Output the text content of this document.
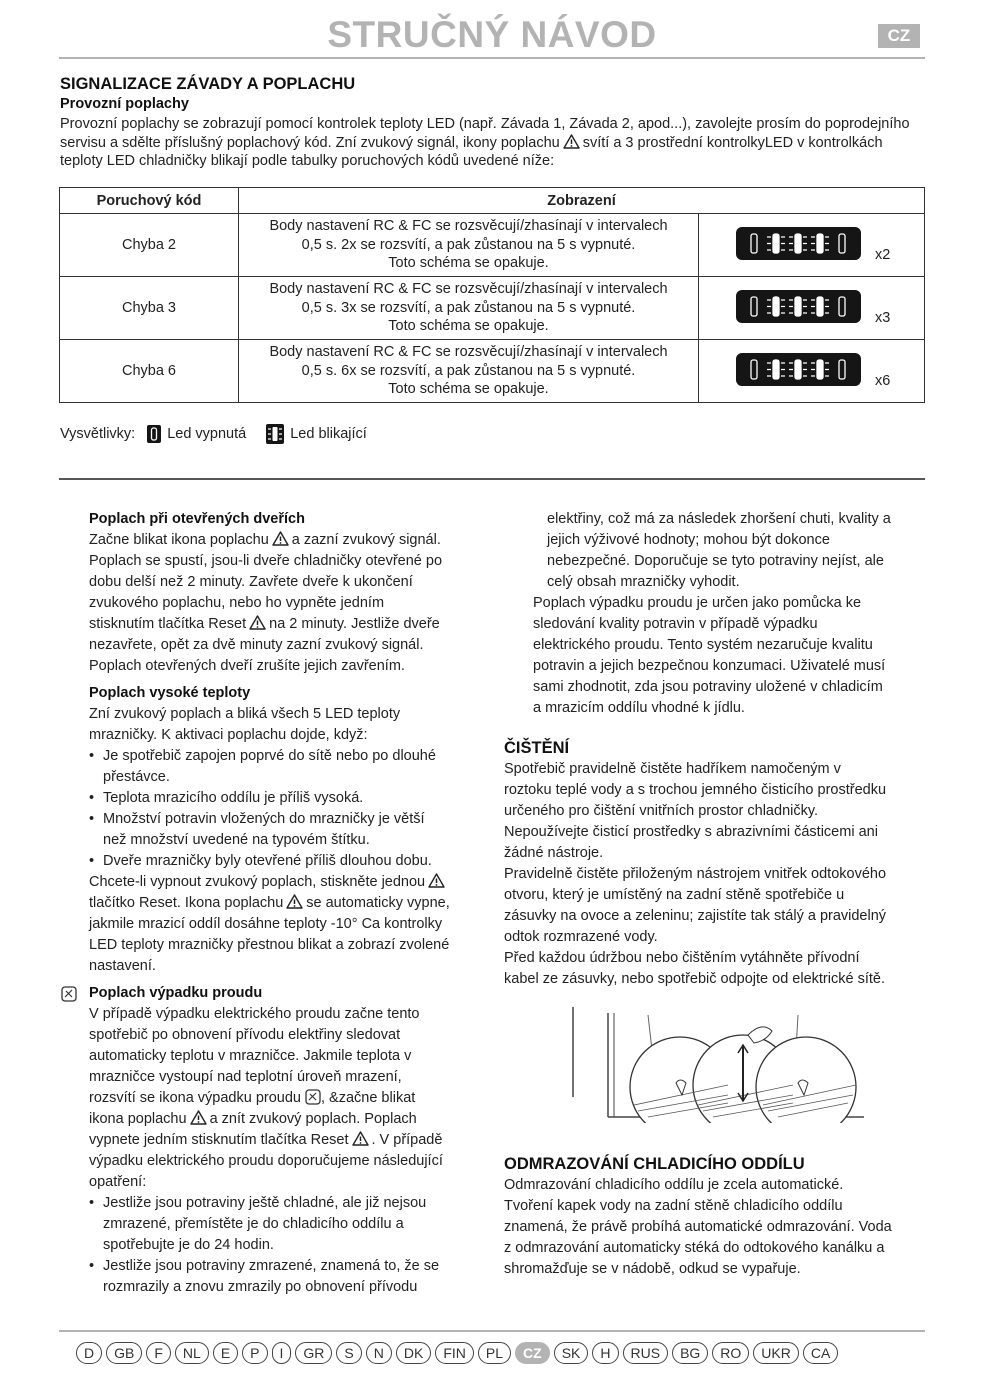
STRUČNÝ NÁVOD	CZ
SIGNALIZACE ZÁVADY A POPLACHU
Provozní poplachy
Provozní poplachy se zobrazují pomocí kontrolek teploty LED (např. Závada 1, Závada 2, apod...), zavolejte prosím do poprodejního servisu a sdělte příslušný poplachový kód. Zní zvukový signál, ikony poplachu svítí a 3 prostřední kontrolkyLED v kontrolkách teploty LED chladničky blikají podle tabulky poruchových kódů uvedené níže:
Poruchový kód	Zobrazení	
Chyba 2	Body nastavení RC & FC se rozsvěcují/zhasínají v intervalech
0,5 s. 2x se rozsvítí, a pak zůstanou na 5 s vypnuté.
Toto schéma se opakuje.	x2

Chyba 3	Body nastavení RC & FC se rozsvěcují/zhasínají v intervalech
0,5 s. 3x se rozsvítí, a pak zůstanou na 5 s vypnuté.
Toto schéma se opakuje.	x3

Chyba 6	Body nastavení RC & FC se rozsvěcují/zhasínají v intervalech
0,5 s. 6x se rozsvítí, a pak zůstanou na 5 s vypnuté.
Toto schéma se opakuje.	x6
Vysvětlivky: Led vypnutá	Led blikající
Poplach při otevřených dveřích
Začne blikat ikona poplachu a zazní zvukový signál.
Poplach se spustí, jsou-li dveře chladničky otevřené po
dobu delší než 2 minuty. Zavřete dveře k ukončení
zvukového poplachu, nebo ho vypněte jedním
stisknutím tlačítka Reset na 2 minuty. Jestliže dveře
nezavřete, opět za dvě minuty zazní zvukový signál.
Poplach otevřených dveří zrušíte jejich zavřením.
Poplach vysoké teploty
Zní zvukový poplach a bliká všech 5 LED teploty
mrazničky. K aktivaci poplachu dojde, když:
• Je spotřebič zapojen poprvé do sítě nebo po dlouhé
přestávce.
• Teplota mrazicího oddílu je příliš vysoká.
• Množství potravin vložených do mrazničky je větší
než množství uvedené na typovém štítku.
• Dveře mrazničky byly otevřené příliš dlouhou dobu.
Chcete-li vypnout zvukový poplach, stiskněte jednou
tlačítko Reset. Ikona poplachu se automaticky vypne,
jakmile mrazicí oddíl dosáhne teploty -10° Ca kontrolky
LED teploty mrazničky přestnou blikat a zobrazí zvolené
nastavení.
Poplach výpadku proudu
V případě výpadku elektrického proudu začne tento
spotřebič po obnovení přívodu elektřiny sledovat
automaticky teplotu v mrazničce. Jakmile teplota v
mrazničce vystoupí nad teplotní úroveň mrazení,
rozsvítí se ikona výpadku proudu , &začne blikat
ikona poplachu a znít zvukový poplach. Poplach
vypnete jedním stisknutím tlačítka Reset . V případě
výpadku elektrického proudu doporučujeme následující
opatření:
• Jestliže jsou potraviny ještě chladné, ale již nejsou
zmrazené, přemístěte je do chladicího oddílu a
spotřebujte je do 24 hodin.
• Jestliže jsou potraviny zmrazené, znamená to, že se
rozmrazily a znovu zmrazily po obnovení přívodu
elektřiny, což má za následek zhoršení chuti, kvality a
jejich výživové hodnoty; mohou být dokonce
nebezpečné. Doporučuje se tyto potraviny nejíst, ale
celý obsah mrazničky vyhodit.
Poplach výpadku proudu je určen jako pomůcka ke
sledování kvality potravin v případě výpadku
elektrického proudu. Tento systém nezaručuje kvalitu
potravin a jejich bezpečnou konzumaci. Uživatelé musí
sami zhodnotit, zda jsou potraviny uložené v chladicím
a mrazicím oddílu vhodné k jídlu.
ČIŠTĚNÍ
Spotřebič pravidelně čistěte hadříkem namočeným v
roztoku teplé vody a s trochou jemného čisticího prostředku
určeného pro čištění vnitřních prostor chladničky.
Nepoužívejte čisticí prostředky s abrazivními částicemi ani
žádné nástroje.
Pravidelně čistěte přiloženým nástrojem vnitřek odtokového
otvoru, který je umístěný na zadní stěně spotřebiče u
zásuvky na ovoce a zeleninu; zajistíte tak stálý a pravidelný
odtok rozmrazené vody.
Před každou údržbou nebo čištěním vytáhněte přívodní
kabel ze zásuvky, nebo spotřebič odpojte od elektrické sítě.
ODMRAZOVÁNÍ CHLADICÍHO ODDÍLU
Odmrazování chladicího oddílu je zcela automatické.
Tvoření kapek vody na zadní stěně chladicího oddílu
znamená, že právě probíhá automatické odmrazování. Voda
z odmrazování automaticky stéká do odtokového kanálku a
shromažďuje se v nádobě, odkud se vypařuje.
D	GB	F	NL	E	P	I	GR	S	N	DK	FIN	PL	CZ	SK	H	RUS	BG	RO	UKR	CA
